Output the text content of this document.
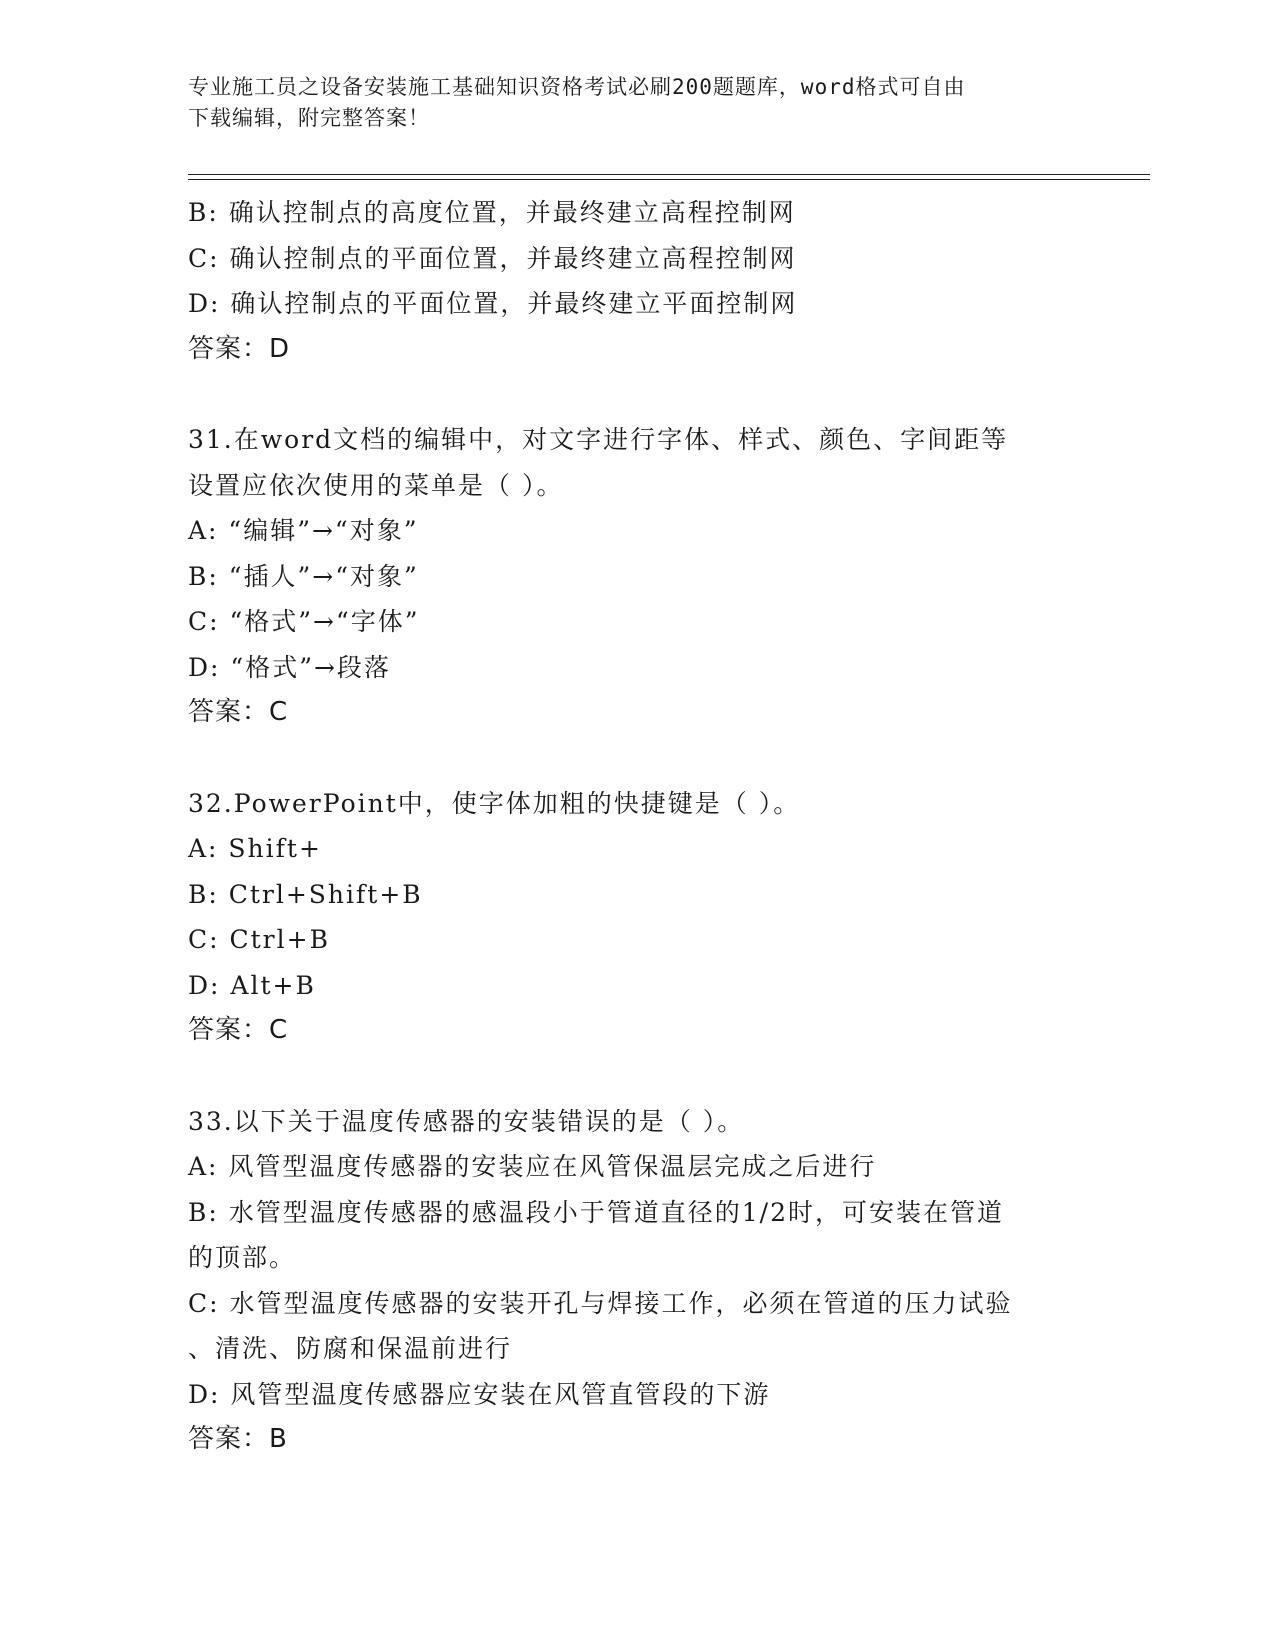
专业施工员之设备安装施工基础知识资格考试必刷200题题库，word格式可自由
下载编辑，附完整答案！
B: 确认控制点的高度位置，并最终建立高程控制网
C: 确认控制点的平面位置，并最终建立高程控制网
D: 确认控制点的平面位置，并最终建立平面控制网
答案：D
31.在word文档的编辑中，对文字进行字体、样式、颜色、字间距等
设置应依次使用的菜单是（ ）。
A: “编辑”→“对象”
B: “插人”→“对象”
C: “格式”→“字体”
D: “格式”→段落
答案：C
32.PowerPoint中，使字体加粗的快捷键是（ ）。
A: Shift+
B: Ctrl+Shift+B
C: Ctrl+B
D: Alt+B
答案：C
33.以下关于温度传感器的安装错误的是（ ）。
A: 风管型温度传感器的安装应在风管保温层完成之后进行
B: 水管型温度传感器的感温段小于管道直径的1/2时，可安装在管道
的顶部。
C: 水管型温度传感器的安装开孔与焊接工作，必须在管道的压力试验
、清洗、防腐和保温前进行
D: 风管型温度传感器应安装在风管直管段的下游
答案：B
